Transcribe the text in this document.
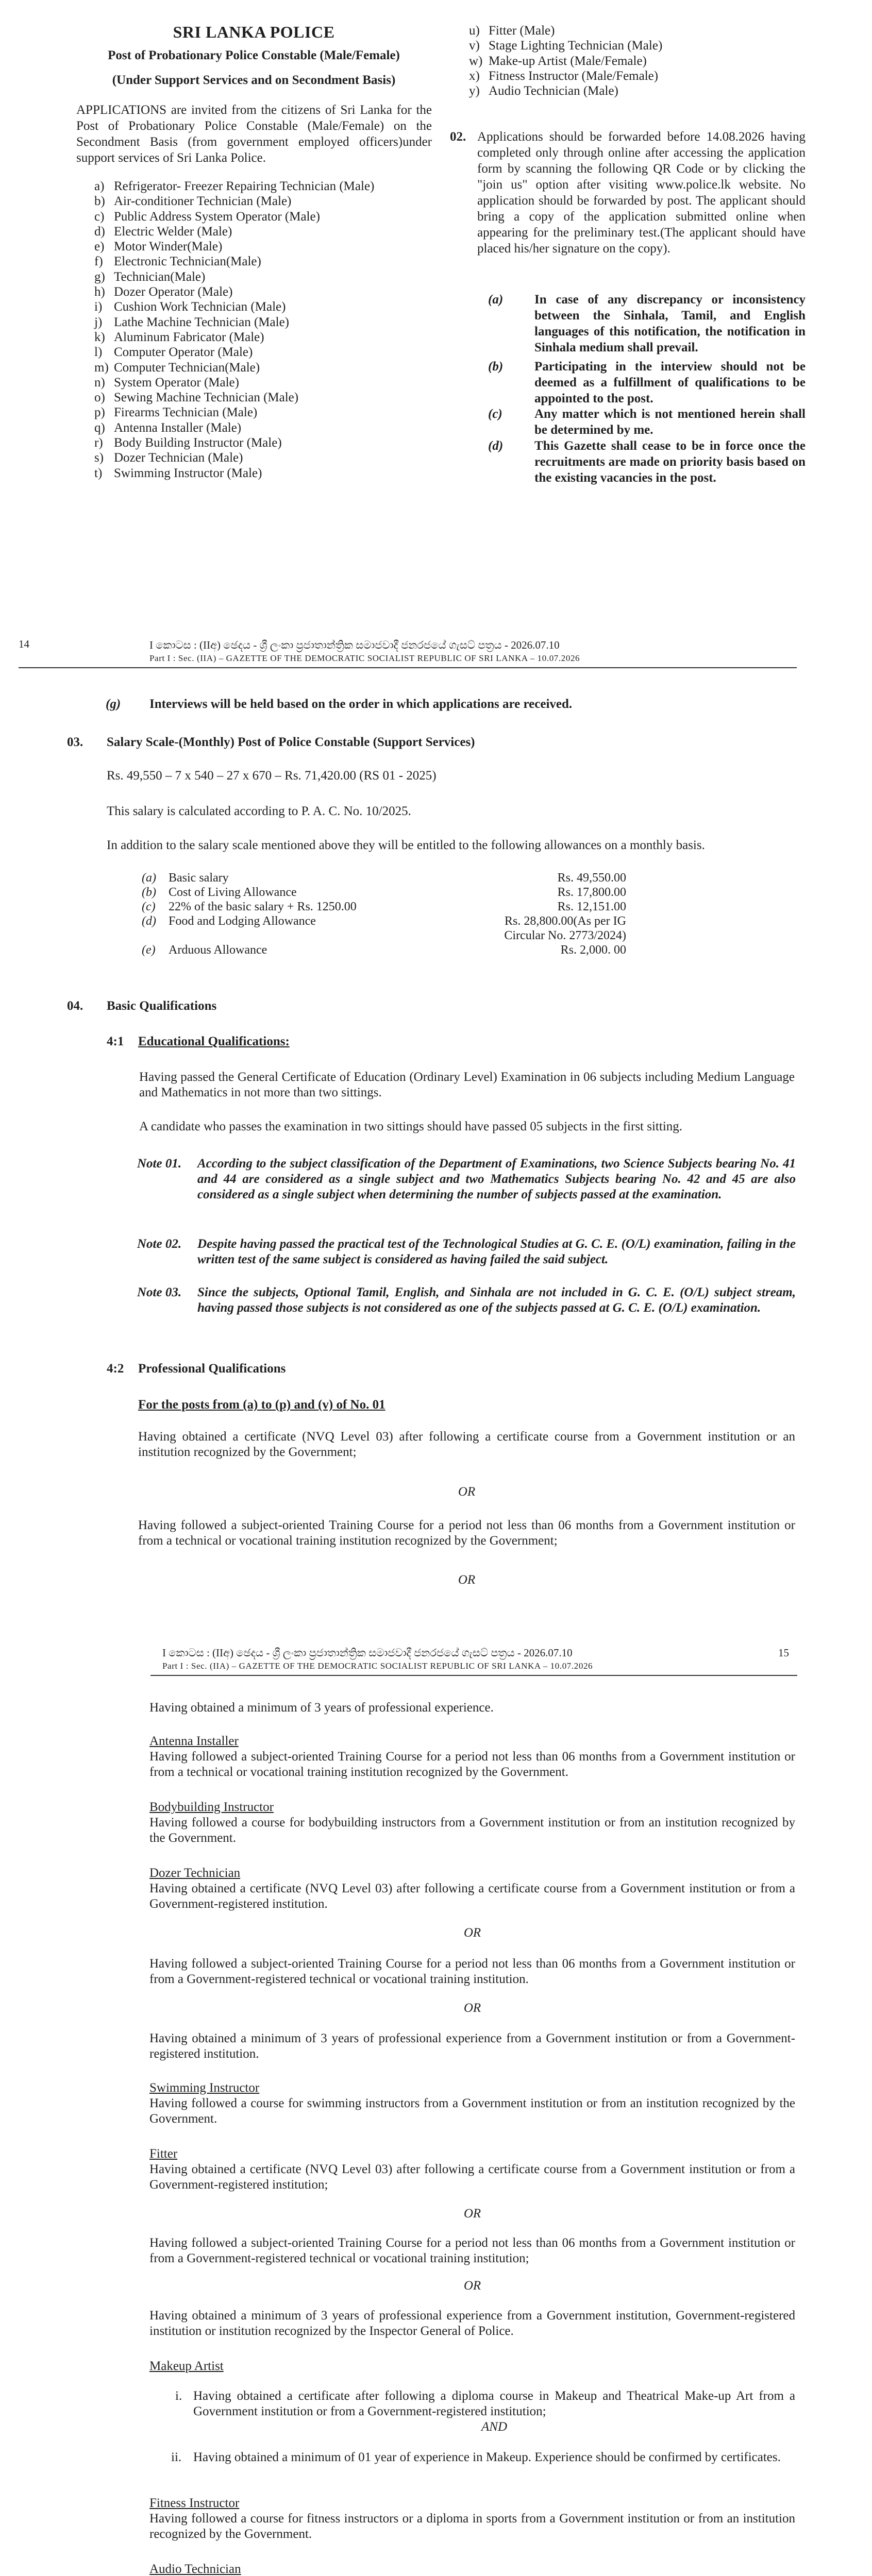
SRI LANKA POLICE
Post of Probationary Police Constable (Male/Female)
(Under Support Services and on Secondment Basis)
APPLICATIONS are invited from the citizens of Sri Lanka for the Post of Probationary Police Constable (Male/Female) on the Secondment Basis (from government employed officers)under support services of Sri Lanka Police.
a) Refrigerator- Freezer Repairing Technician (Male)
b) Air-conditioner Technician (Male)
c) Public Address System Operator (Male)
d) Electric Welder (Male)
e) Motor Winder(Male)
f) Electronic Technician(Male)
g) Technician(Male)
h) Dozer Operator (Male)
i) Cushion Work Technician (Male)
j) Lathe Machine Technician (Male)
k) Aluminum Fabricator (Male)
l) Computer Operator (Male)
m) Computer Technician(Male)
n) System Operator (Male)
o) Sewing Machine Technician (Male)
p) Firearms Technician (Male)
q) Antenna Installer (Male)
r) Body Building Instructor (Male)
s) Dozer Technician (Male)
t) Swimming Instructor (Male)
u) Fitter (Male)
v) Stage Lighting Technician (Male)
w) Make-up Artist (Male/Female)
x) Fitness Instructor (Male/Female)
y) Audio Technician (Male)
02. Applications should be forwarded before 14.08.2026 having completed only through online after accessing the application form by scanning the following QR Code or by clicking the "join us" option after visiting www.police.lk website. No application should be forwarded by post. The applicant should bring a copy of the application submitted online when appearing for the preliminary test.(The applicant should have placed his/her signature on the copy).
(a) In case of any discrepancy or inconsistency between the Sinhala, Tamil, and English languages of this notification, the notification in Sinhala medium shall prevail.
(b) Participating in the interview should not be deemed as a fulfillment of qualifications to be appointed to the post.
(c) Any matter which is not mentioned herein shall be determined by me.
(d) This Gazette shall cease to be in force once the recruitments are made on priority basis based on the existing vacancies in the post.
14	I කොටස : (IIඅ) ඡෙදය - ශ්‍රී ලංකා ප්‍රජාතාන්ත්‍රික සමාජවාදී ජනරජයේ ගැසට් පත්‍රය - 2026.07.10
Part I : Sec. (IIA) – GAZETTE OF THE DEMOCRATIC SOCIALIST REPUBLIC OF SRI LANKA – 10.07.2026
(g) Interviews will be held based on the order in which applications are received.
03. Salary Scale-(Monthly) Post of Police Constable (Support Services)
Rs. 49,550 – 7 x 540 – 27 x 670 – Rs. 71,420.00 (RS 01 - 2025)
This salary is calculated according to P. A. C. No. 10/2025.
In addition to the salary scale mentioned above they will be entitled to the following allowances on a monthly basis.
(a) Basic salary	Rs. 49,550.00
(b) Cost of Living Allowance	Rs. 17,800.00
(c) 22% of the basic salary + Rs. 1250.00	Rs. 12,151.00
(d) Food and Lodging Allowance	Rs. 28,800.00(As per IG
Circular No. 2773/2024)
(e) Arduous Allowance	Rs. 2,000. 00
04. Basic Qualifications
4:1 Educational Qualifications:
Having passed the General Certificate of Education (Ordinary Level) Examination in 06 subjects including Medium Language and Mathematics in not more than two sittings.
A candidate who passes the examination in two sittings should have passed 05 subjects in the first sitting.
Note 01. According to the subject classification of the Department of Examinations, two Science Subjects bearing No. 41 and 44 are considered as a single subject and two Mathematics Subjects bearing No. 42 and 45 are also considered as a single subject when determining the number of subjects passed at the examination.
Note 02. Despite having passed the practical test of the Technological Studies at G. C. E. (O/L) examination, failing in the written test of the same subject is considered as having failed the said subject.
Note 03. Since the subjects, Optional Tamil, English, and Sinhala are not included in G. C. E. (O/L) subject stream, having passed those subjects is not considered as one of the subjects passed at G. C. E. (O/L) examination.
4:2 Professional Qualifications
For the posts from (a) to (p) and (v) of No. 01
Having obtained a certificate (NVQ Level 03) after following a certificate course from a Government institution or an institution recognized by the Government;
OR
Having followed a subject-oriented Training Course for a period not less than 06 months from a Government institution or from a technical or vocational training institution recognized by the Government;
OR
I කොටස : (IIඅ) ඡෙදය - ශ්‍රී ලංකා ප්‍රජාතාන්ත්‍රික සමාජවාදී ජනරජයේ ගැසට් පත්‍රය - 2026.07.10	15
Part I : Sec. (IIA) – GAZETTE OF THE DEMOCRATIC SOCIALIST REPUBLIC OF SRI LANKA – 10.07.2026
Having obtained a minimum of 3 years of professional experience.
Antenna Installer
Having followed a subject-oriented Training Course for a period not less than 06 months from a Government institution or from a technical or vocational training institution recognized by the Government.
Bodybuilding Instructor
Having followed a course for bodybuilding instructors from a Government institution or from an institution recognized by the Government.
Dozer Technician
Having obtained a certificate (NVQ Level 03) after following a certificate course from a Government institution or from a Government-registered institution.
OR
Having followed a subject-oriented Training Course for a period not less than 06 months from a Government institution or from a Government-registered technical or vocational training institution.
OR
Having obtained a minimum of 3 years of professional experience from a Government institution or from a Government-registered institution.
Swimming Instructor
Having followed a course for swimming instructors from a Government institution or from an institution recognized by the Government.
Fitter
Having obtained a certificate (NVQ Level 03) after following a certificate course from a Government institution or from a Government-registered institution;
OR
Having followed a subject-oriented Training Course for a period not less than 06 months from a Government institution or from a Government-registered technical or vocational training institution;
OR
Having obtained a minimum of 3 years of professional experience from a Government institution, Government-registered institution or institution recognized by the Inspector General of Police.
Makeup Artist
i. Having obtained a certificate after following a diploma course in Makeup and Theatrical Make-up Art from a Government institution or from a Government-registered institution;
AND
ii. Having obtained a minimum of 01 year of experience in Makeup. Experience should be confirmed by certificates.
Fitness Instructor
Having followed a course for fitness instructors or a diploma in sports from a Government institution or from an institution recognized by the Government.
Audio Technician
